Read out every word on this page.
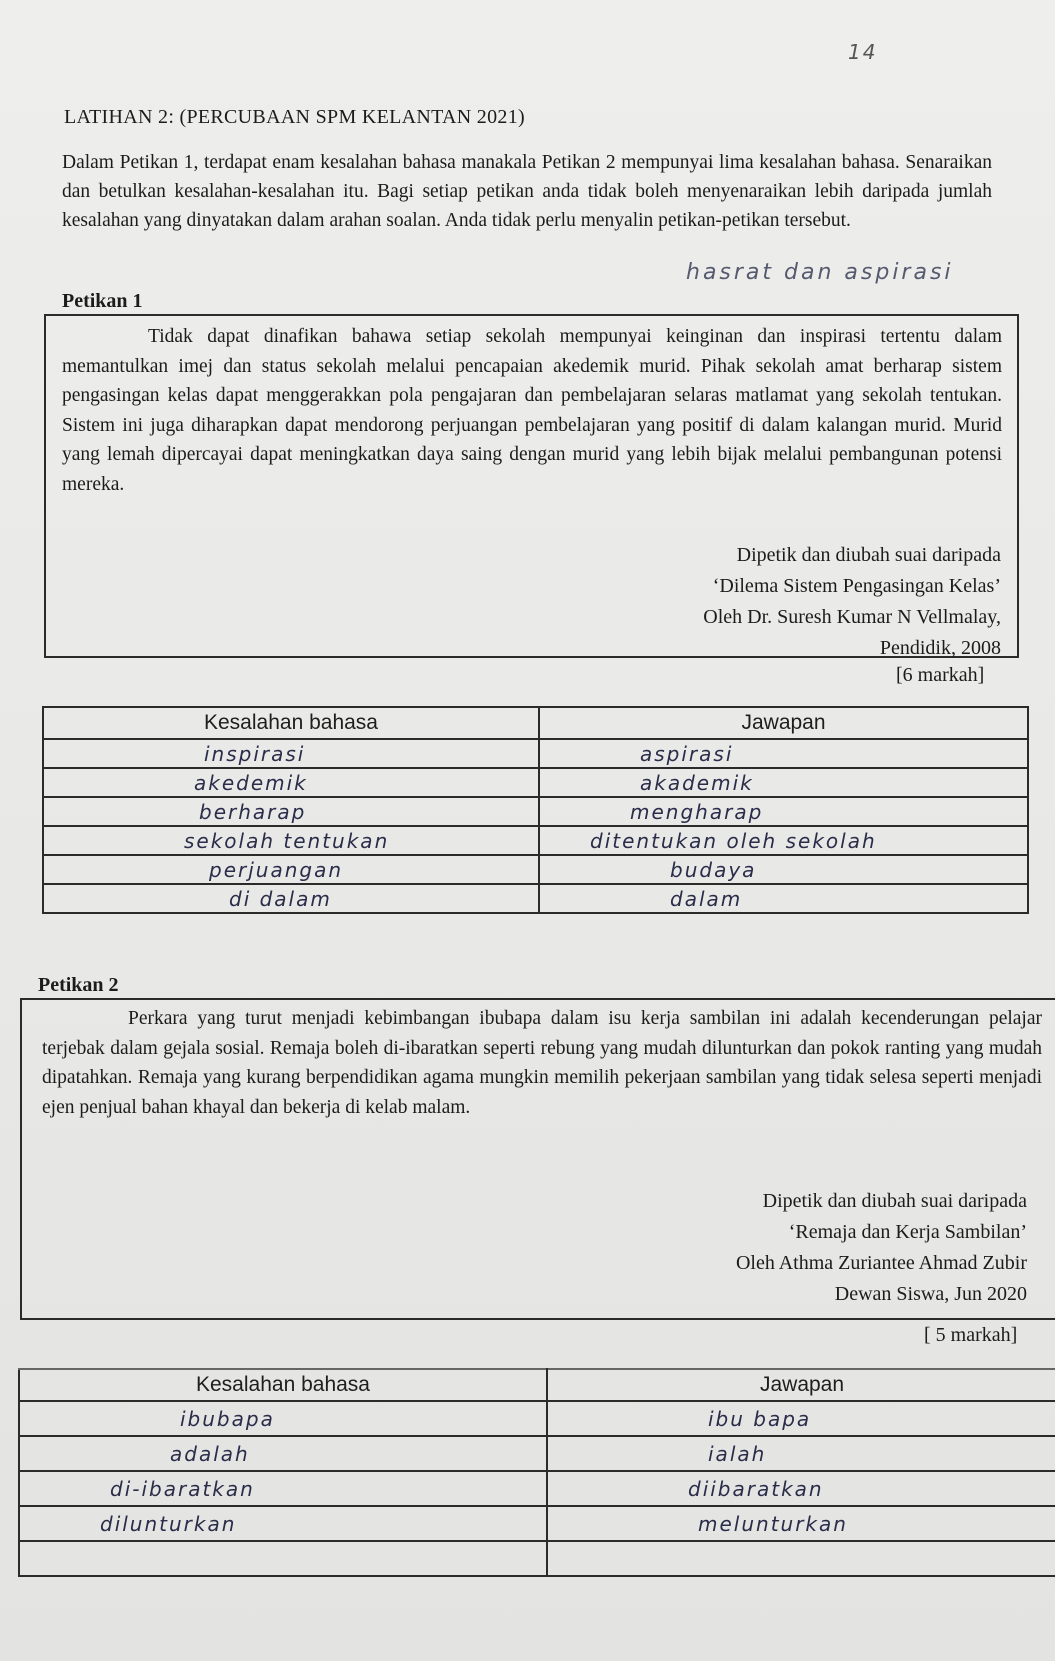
14
LATIHAN 2: (PERCUBAAN SPM KELANTAN 2021)

Dalam Petikan 1, terdapat enam kesalahan bahasa manakala Petikan 2 mempunyai lima kesalahan bahasa. Senaraikan dan betulkan kesalahan-kesalahan itu. Bagi setiap petikan anda tidak boleh menyenaraikan lebih daripada jumlah kesalahan yang dinyatakan dalam arahan soalan. Anda tidak perlu menyalin petikan-petikan tersebut.

Petikan 1
hasrat dan aspirasi

Tidak dapat dinafikan bahawa setiap sekolah mempunyai keinginan dan inspirasi tertentu dalam memantulkan imej dan status sekolah melalui pencapaian akedemik murid. Pihak sekolah amat berharap sistem pengasingan kelas dapat menggerakkan pola pengajaran dan pembelajaran selaras matlamat yang sekolah tentukan. Sistem ini juga diharapkan dapat mendorong perjuangan pembelajaran yang positif di dalam kalangan murid. Murid yang lemah dipercayai dapat meningkatkan daya saing dengan murid yang lebih bijak melalui pembangunan potensi mereka.

Dipetik dan diubah suai daripada
‘Dilema Sistem Pengasingan Kelas’
Oleh Dr. Suresh Kumar N Vellmalay,
Pendidik, 2008
[6 markah]
Kesalahan bahasa	Jawapan

inspirasi	aspirasi

akedemik	akademik

berharap	mengharap

sekolah tentukan	ditentukan oleh sekolah

perjuangan	budaya

di dalam	dalam
Petikan 2

Perkara yang turut menjadi kebimbangan ibubapa dalam isu kerja sambilan ini adalah kecenderungan pelajar terjebak dalam gejala sosial. Remaja boleh di-ibaratkan seperti rebung yang mudah dilunturkan dan pokok ranting yang mudah dipatahkan. Remaja yang kurang berpendidikan agama mungkin memilih pekerjaan sambilan yang tidak selesa seperti menjadi ejen penjual bahan khayal dan bekerja di kelab malam.

Dipetik dan diubah suai daripada
‘Remaja dan Kerja Sambilan’
Oleh Athma Zuriantee Ahmad Zubir
Dewan Siswa, Jun 2020
[ 5 markah]
Kesalahan bahasa	Jawapan

ibubapa	ibu bapa

adalah	ialah

di-ibaratkan	diibaratkan

dilunturkan	melunturkan
